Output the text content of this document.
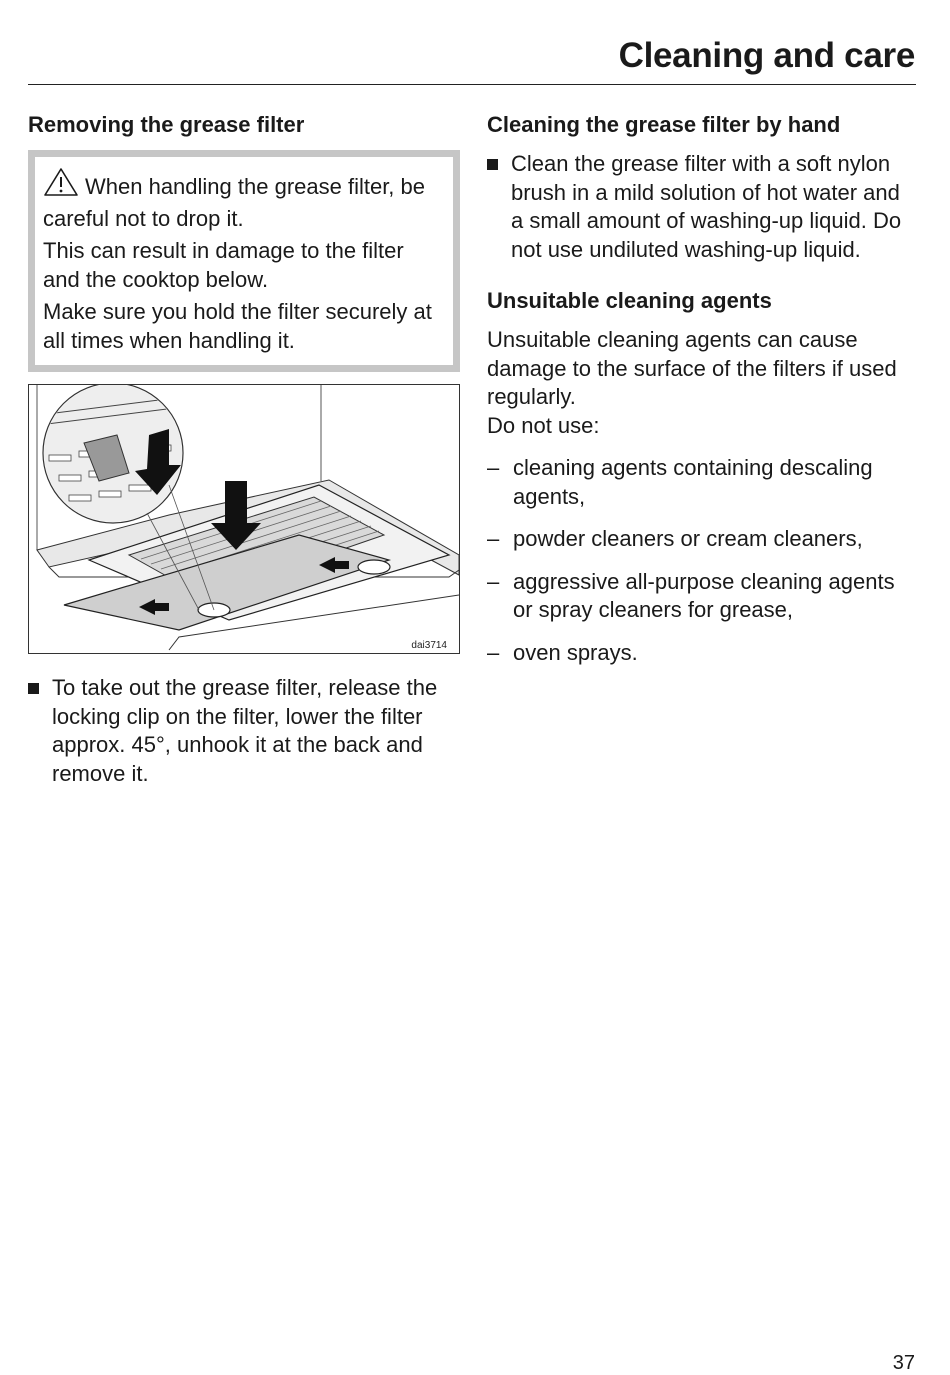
Cleaning and care
Removing the grease filter

When handling the grease filter, be careful not to drop it.

This can result in damage to the filter and the cooktop below.

Make sure you hold the filter securely at all times when handling it.

dai3714
To take out the grease filter, release the locking clip on the filter, lower the filter approx. 45°, unhook it at the back and remove it.
Cleaning the grease filter by hand
Clean the grease filter with a soft nylon brush in a mild solution of hot water and a small amount of washing-up liquid. Do not use undiluted washing-up liquid.
Unsuitable cleaning agents

Unsuitable cleaning agents can cause damage to the surface of the filters if used regularly.

Do not use:

– cleaning agents containing descaling agents,
– powder cleaners or cream cleaners,
– aggressive all-purpose cleaning agents or spray cleaners for grease,
– oven sprays.
37
